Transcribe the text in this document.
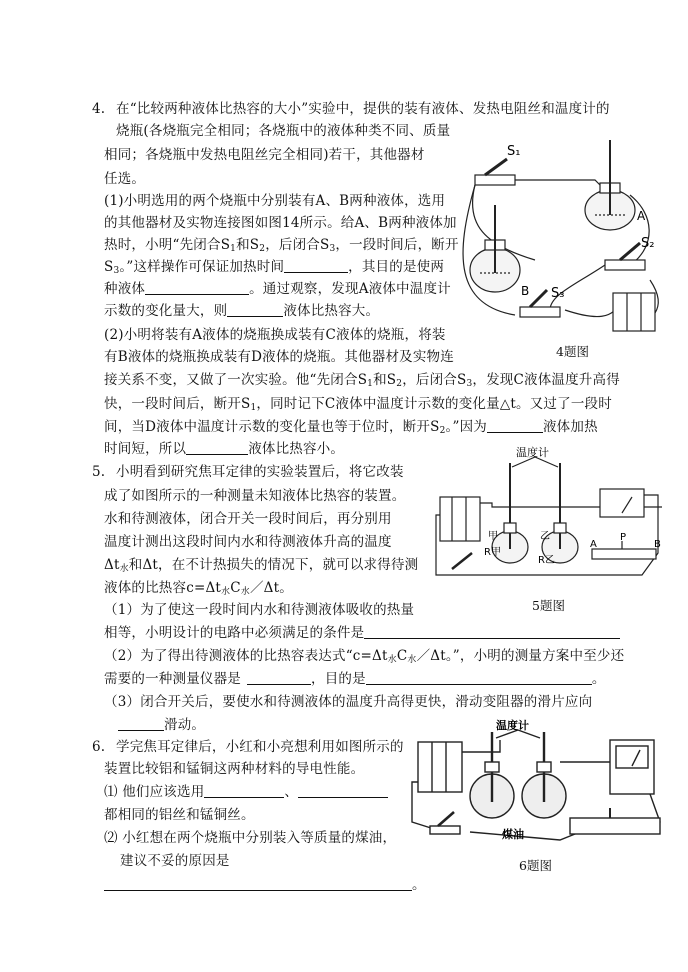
4. 在“比较两种液体比热容的大小”实验中，提供的装有液体、发热电阻丝和温度计的
烧瓶(各烧瓶完全相同；各烧瓶中的液体种类不同、质量
相同；各烧瓶中发热电阻丝完全相同)若干，其他器材
任选。
(1)小明选用的两个烧瓶中分别装有A、B两种液体，选用
的其他器材及实物连接图如图14所示。给A、B两种液体加
热时，小明“先闭合$S_1$和$S_2$，后闭合$S_3$，一段时间后，断开
$S_3$。”这样操作可保证加热时间	，其目的是使两
种液体	。通过观察，发现A液体中温度计
示数的变化量大，则	液体比热容大。
(2)小明将装有A液体的烧瓶换成装有C液体的烧瓶，将装
有B液体的烧瓶换成装有D液体的烧瓶。其他器材及实物连
接关系不变，又做了一次实验。他“先闭合$S_1$和$S_2$，后闭合$S_3$，发现C液体温度升高得
快，一段时间后，断开$S_1$，同时记下C液体中温度计示数的变化量△t。又过了一段时
间，当D液体中温度计示数的变化量也等于位时，断开$S_2$。”因为	液体加热
时间短，所以	液体比热容小。
S₁
A
S₂
B S₃
4题图
5. 小明看到研究焦耳定律的实验装置后，将它改装
成了如图所示的一种测量未知液体比热容的装置。
水和待测液体，闭合开关一段时间后，再分别用
温度计测出这段时间内水和待测液体升高的温度
$\Delta t_水$和Δt，在不计热损失的情况下，就可以求得待测
液体的比热容$c=\Delta t_水C_水/\Delta t$。
（1）为了使这一段时间内水和待测液体吸收的热量
相等，小明设计的电路中必须满足的条件是
（2）为了得出待测液体的比热容表达式“$c=\Delta t_水C_水/\Delta t$。”，小明的测量方案中至少还
需要的一种测量仪器是	，目的是	。
（3）闭合开关后，要使水和待测液体的温度升高得更快，滑动变阻器的滑片应向
滑动。
温度计
甲
R甲
乙
R乙
A
P
B
5题图
6. 学完焦耳定律后，小红和小亮想利用如图所示的
装置比较铝和锰铜这两种材料的导电性能。
⑴ 他们应该选用	、
都相同的铝丝和锰铜丝。
⑵ 小红想在两个烧瓶中分别装入等质量的煤油，
建议不妥的原因是
。
温度计
煤油
6题图
